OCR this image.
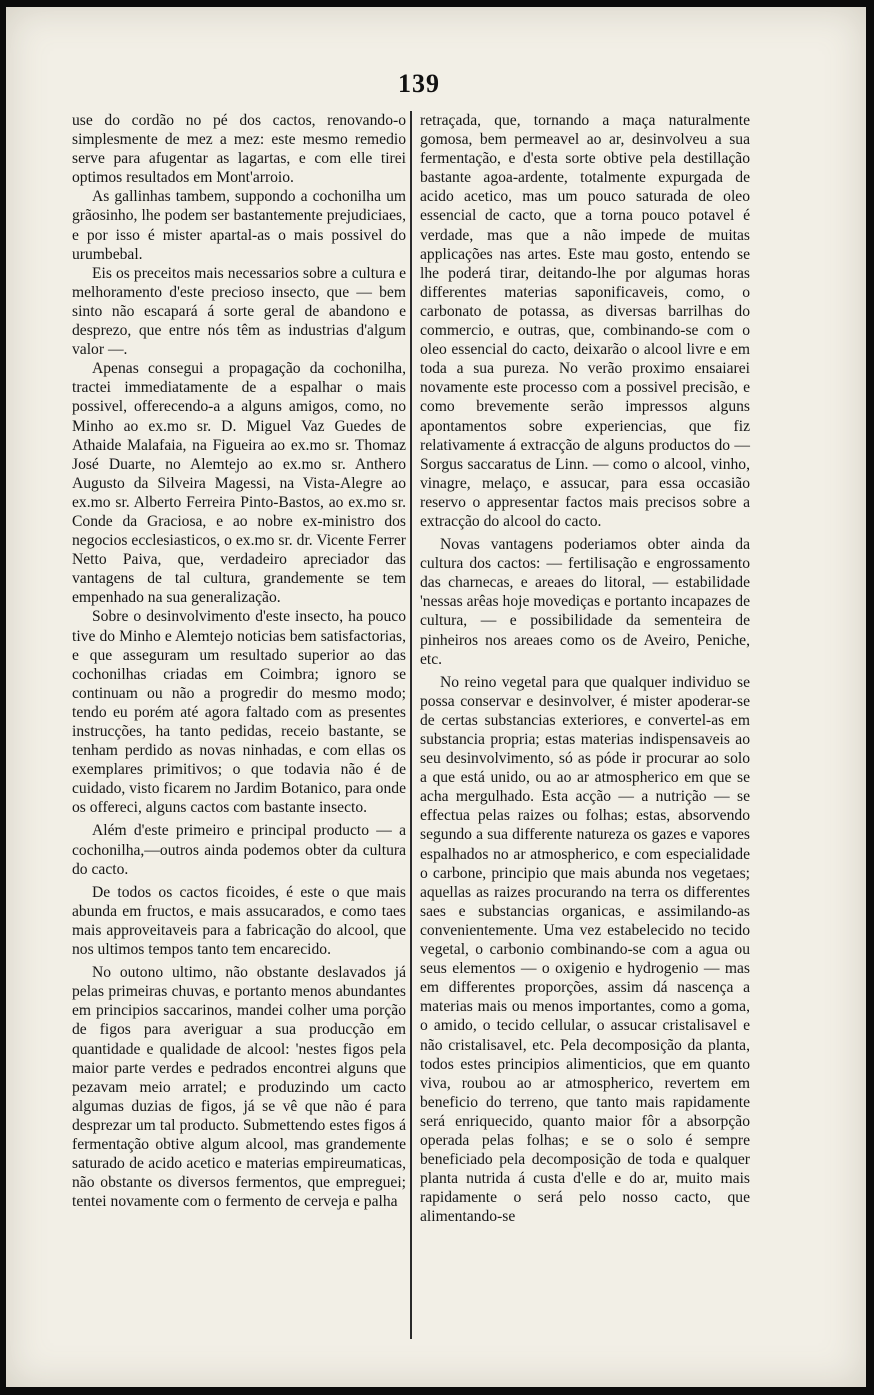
139

use do cordão no pé dos cactos, renovando-o simplesmente de mez a mez: este mesmo remedio serve para afugentar as lagartas, e com elle tirei optimos resultados em Mont'arroio.

As gallinhas tambem, suppondo a cochonilha um grãosinho, lhe podem ser bastantemente prejudiciaes, e por isso é mister apartal-as o mais possivel do urumbebal.

Eis os preceitos mais necessarios sobre a cultura e melhoramento d'este precioso insecto, que — bem sinto não escapará á sorte geral de abandono e desprezo, que entre nós têm as industrias d'algum valor —.

Apenas consegui a propagação da cochonilha, tractei immediatamente de a espalhar o mais possivel, offerecendo-a a alguns amigos, como, no Minho ao ex.mo sr. D. Miguel Vaz Guedes de Athaide Malafaia, na Figueira ao ex.mo sr. Thomaz José Duarte, no Alemtejo ao ex.mo sr. Anthero Augusto da Silveira Magessi, na Vista-Alegre ao ex.mo sr. Alberto Ferreira Pinto-Bastos, ao ex.mo sr. Conde da Graciosa, e ao nobre ex-ministro dos negocios ecclesiasticos, o ex.mo sr. dr. Vicente Ferrer Netto Paiva, que, verdadeiro apreciador das vantagens de tal cultura, grandemente se tem empenhado na sua generalização.

Sobre o desinvolvimento d'este insecto, ha pouco tive do Minho e Alemtejo noticias bem satisfactorias, e que asseguram um resultado superior ao das cochonilhas criadas em Coimbra; ignoro se continuam ou não a progredir do mesmo modo; tendo eu porém até agora faltado com as presentes instrucções, ha tanto pedidas, receio bastante, se tenham perdido as novas ninhadas, e com ellas os exemplares primitivos; o que todavia não é de cuidado, visto ficarem no Jardim Botanico, para onde os offereci, alguns cactos com bastante insecto.

Além d'este primeiro e principal producto — a cochonilha,—outros ainda podemos obter da cultura do cacto.

De todos os cactos ficoides, é este o que mais abunda em fructos, e mais assucarados, e como taes mais approveitaveis para a fabricação do alcool, que nos ultimos tempos tanto tem encarecido.

No outono ultimo, não obstante deslavados já pelas primeiras chuvas, e portanto menos abundantes em principios saccarinos, mandei colher uma porção de figos para averiguar a sua producção em quantidade e qualidade de alcool: 'nestes figos pela maior parte verdes e pedrados encontrei alguns que pezavam meio arratel; e produzindo um cacto algumas duzias de figos, já se vê que não é para desprezar um tal producto. Submettendo estes figos á fermentação obtive algum alcool, mas grandemente saturado de acido acetico e materias empireumaticas, não obstante os diversos fermentos, que empreguei; tentei novamente com o fermento de cerveja e palha

retraçada, que, tornando a maça naturalmente gomosa, bem permeavel ao ar, desinvolveu a sua fermentação, e d'esta sorte obtive pela destillação bastante agoa-ardente, totalmente expurgada de acido acetico, mas um pouco saturada de oleo essencial de cacto, que a torna pouco potavel é verdade, mas que a não impede de muitas applicações nas artes. Este mau gosto, entendo se lhe poderá tirar, deitando-lhe por algumas horas differentes materias saponificaveis, como, o carbonato de potassa, as diversas barrilhas do commercio, e outras, que, combinando-se com o oleo essencial do cacto, deixarão o alcool livre e em toda a sua pureza. No verão proximo ensaiarei novamente este processo com a possivel precisão, e como brevemente serão impressos alguns apontamentos sobre experiencias, que fiz relativamente á extracção de alguns productos do — Sorgus saccaratus de Linn. — como o alcool, vinho, vinagre, melaço, e assucar, para essa occasião reservo o appresentar factos mais precisos sobre a extracção do alcool do cacto.

Novas vantagens poderiamos obter ainda da cultura dos cactos: — fertilisação e engrossamento das charnecas, e areaes do litoral, — estabilidade 'nessas arêas hoje movediças e portanto incapazes de cultura, — e possibilidade da sementeira de pinheiros nos areaes como os de Aveiro, Peniche, etc.

No reino vegetal para que qualquer individuo se possa conservar e desinvolver, é mister apoderar-se de certas substancias exteriores, e convertel-as em substancia propria; estas materias indispensaveis ao seu desinvolvimento, só as póde ir procurar ao solo a que está unido, ou ao ar atmospherico em que se acha mergulhado. Esta acção — a nutrição — se effectua pelas raizes ou folhas; estas, absorvendo segundo a sua differente natureza os gazes e vapores espalhados no ar atmospherico, e com especialidade o carbone, principio que mais abunda nos vegetaes; aquellas as raizes procurando na terra os differentes saes e substancias organicas, e assimilando-as convenientemente. Uma vez estabelecido no tecido vegetal, o carbonio combinando-se com a agua ou seus elementos — o oxigenio e hydrogenio — mas em differentes proporções, assim dá nascença a materias mais ou menos importantes, como a goma, o amido, o tecido cellular, o assucar cristalisavel e não cristalisavel, etc. Pela decomposição da planta, todos estes principios alimenticios, que em quanto viva, roubou ao ar atmospherico, revertem em beneficio do terreno, que tanto mais rapidamente será enriquecido, quanto maior fôr a absorpção operada pelas folhas; e se o solo é sempre beneficiado pela decomposição de toda e qualquer planta nutrida á custa d'elle e do ar, muito mais rapidamente o será pelo nosso cacto, que alimentando-se
